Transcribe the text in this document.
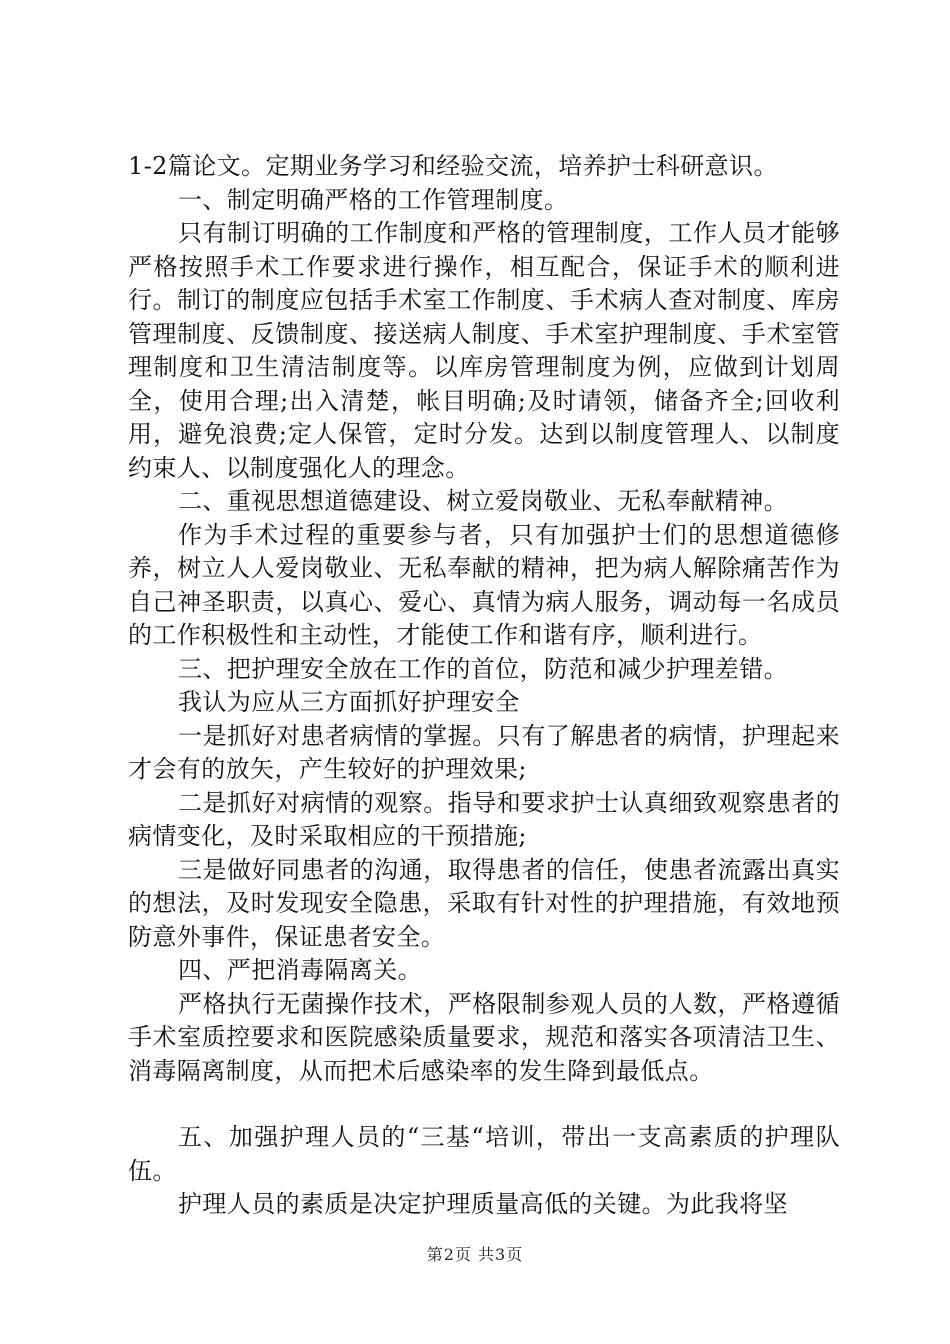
1-2篇论文。定期业务学习和经验交流，培养护士科研意识。

一、制定明确严格的工作管理制度。

只有制订明确的工作制度和严格的管理制度，工作人员才能够严格按照手术工作要求进行操作，相互配合，保证手术的顺利进行。制订的制度应包括手术室工作制度、手术病人查对制度、库房管理制度、反馈制度、接送病人制度、手术室护理制度、手术室管理制度和卫生清洁制度等。以库房管理制度为例，应做到计划周全，使用合理;出入清楚，帐目明确;及时请领，储备齐全;回收利用，避免浪费;定人保管，定时分发。达到以制度管理人、以制度约束人、以制度强化人的理念。

二、重视思想道德建设、树立爱岗敬业、无私奉献精神。

作为手术过程的重要参与者，只有加强护士们的思想道德修养，树立人人爱岗敬业、无私奉献的精神，把为病人解除痛苦作为自己神圣职责，以真心、爱心、真情为病人服务，调动每一名成员的工作积极性和主动性，才能使工作和谐有序，顺利进行。

三、把护理安全放在工作的首位，防范和减少护理差错。

我认为应从三方面抓好护理安全

一是抓好对患者病情的掌握。只有了解患者的病情，护理起来才会有的放矢，产生较好的护理效果;

二是抓好对病情的观察。指导和要求护士认真细致观察患者的病情变化，及时采取相应的干预措施;

三是做好同患者的沟通，取得患者的信任，使患者流露出真实的想法，及时发现安全隐患，采取有针对性的护理措施，有效地预防意外事件，保证患者安全。

四、严把消毒隔离关。

严格执行无菌操作技术，严格限制参观人员的人数，严格遵循手术室质控要求和医院感染质量要求，规范和落实各项清洁卫生、消毒隔离制度，从而把术后感染率的发生降到最低点。

五、加强护理人员的“三基“培训，带出一支高素质的护理队伍。

护理人员的素质是决定护理质量高低的关键。为此我将坚

第2页 共3页
